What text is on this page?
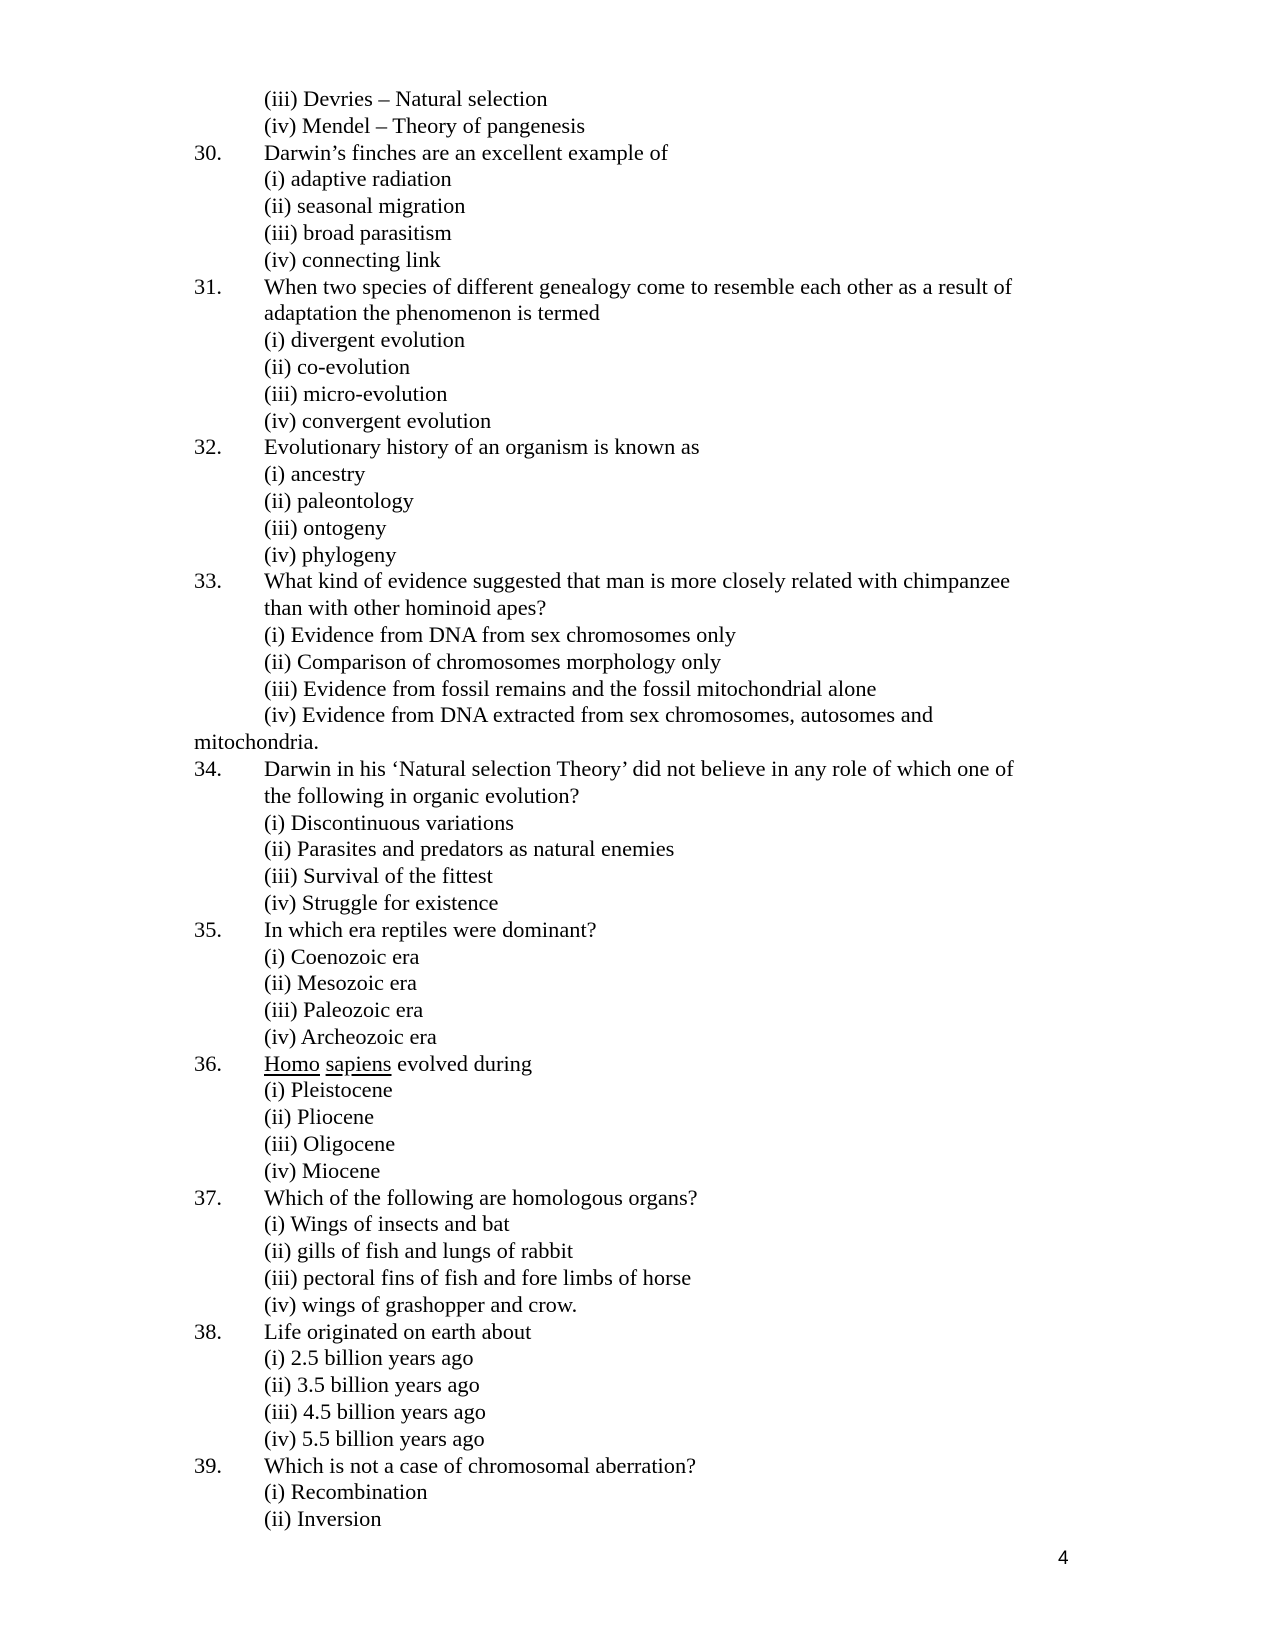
(iii) Devries – Natural selection
(iv) Mendel – Theory of pangenesis
30. Darwin’s finches are an excellent example of
(i) adaptive radiation
(ii) seasonal migration
(iii) broad parasitism
(iv) connecting link
31. When two species of different genealogy come to resemble each other as a result of
adaptation the phenomenon is termed
(i) divergent evolution
(ii) co-evolution
(iii) micro-evolution
(iv) convergent evolution
32. Evolutionary history of an organism is known as
(i) ancestry
(ii) paleontology
(iii) ontogeny
(iv) phylogeny
33. What kind of evidence suggested that man is more closely related with chimpanzee
than with other hominoid apes?
(i) Evidence from DNA from sex chromosomes only
(ii) Comparison of chromosomes morphology only
(iii) Evidence from fossil remains and the fossil mitochondrial alone
(iv) Evidence from DNA extracted from sex chromosomes, autosomes and
mitochondria.
34. Darwin in his ‘Natural selection Theory’ did not believe in any role of which one of
the following in organic evolution?
(i) Discontinuous variations
(ii) Parasites and predators as natural enemies
(iii) Survival of the fittest
(iv) Struggle for existence
35. In which era reptiles were dominant?
(i) Coenozoic era
(ii) Mesozoic era
(iii) Paleozoic era
(iv) Archeozoic era
36. Homo sapiens evolved during
(i) Pleistocene
(ii) Pliocene
(iii) Oligocene
(iv) Miocene
37. Which of the following are homologous organs?
(i) Wings of insects and bat
(ii) gills of fish and lungs of rabbit
(iii) pectoral fins of fish and fore limbs of horse
(iv) wings of grashopper and crow.
38. Life originated on earth about
(i) 2.5 billion years ago
(ii) 3.5 billion years ago
(iii) 4.5 billion years ago
(iv) 5.5 billion years ago
39. Which is not a case of chromosomal aberration?
(i) Recombination
(ii) Inversion
4
